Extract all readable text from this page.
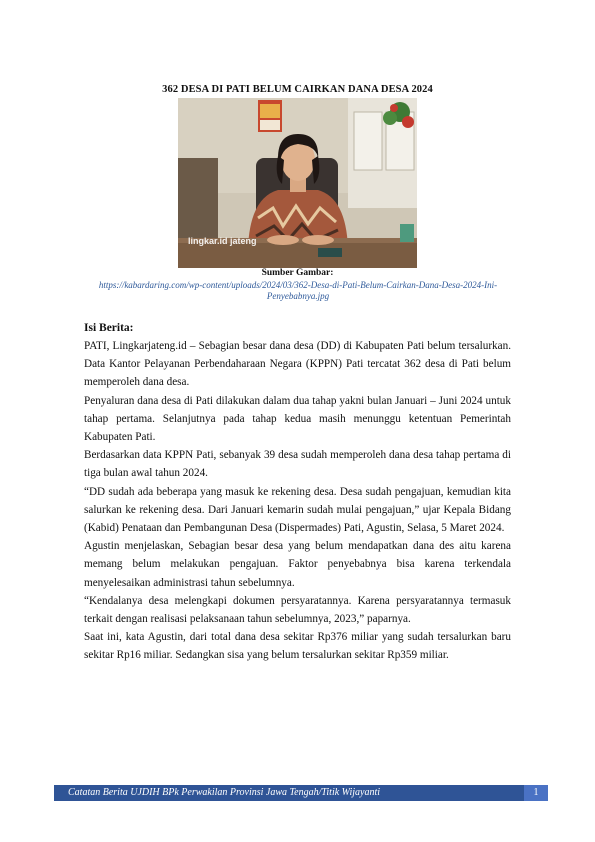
362 DESA DI PATI BELUM CAIRKAN DANA DESA 2024
lingkar.id jateng
Sumber Gambar:
https://kabardaring.com/wp-content/uploads/2024/03/362-Desa-di-Pati-Belum-Cairkan-Dana-Desa-2024-Ini-Penyebabnya.jpg
Isi Berita:

PATI, Lingkarjateng.id – Sebagian besar dana desa (DD) di Kabupaten Pati belum tersalurkan. Data Kantor Pelayanan Perbendaharaan Negara (KPPN) Pati tercatat 362 desa di Pati belum memperoleh dana desa.

Penyaluran dana desa di Pati dilakukan dalam dua tahap yakni bulan Januari – Juni 2024 untuk tahap pertama. Selanjutnya pada tahap kedua masih menunggu ketentuan Pemerintah Kabupaten Pati.

Berdasarkan data KPPN Pati, sebanyak 39 desa sudah memperoleh dana desa tahap pertama di tiga bulan awal tahun 2024.

“DD sudah ada beberapa yang masuk ke rekening desa. Desa sudah pengajuan, kemudian kita salurkan ke rekening desa. Dari Januari kemarin sudah mulai pengajuan,” ujar Kepala Bidang (Kabid) Penataan dan Pembangunan Desa (Dispermades) Pati, Agustin, Selasa, 5 Maret 2024.

Agustin menjelaskan, Sebagian besar desa yang belum mendapatkan dana des aitu karena memang belum melakukan pengajuan. Faktor penyebabnya bisa karena terkendala menyelesaikan administrasi tahun sebelumnya.

“Kendalanya desa melengkapi dokumen persyaratannya. Karena persyaratannya termasuk terkait dengan realisasi pelaksanaan tahun sebelumnya, 2023,” paparnya.

Saat ini, kata Agustin, dari total dana desa sekitar Rp376 miliar yang sudah tersalurkan baru sekitar Rp16 miliar. Sedangkan sisa yang belum tersalurkan sekitar Rp359 miliar.

Catatan Berita UJDIH BPk Perwakilan Provinsi Jawa Tengah/Titik Wijayanti	1
